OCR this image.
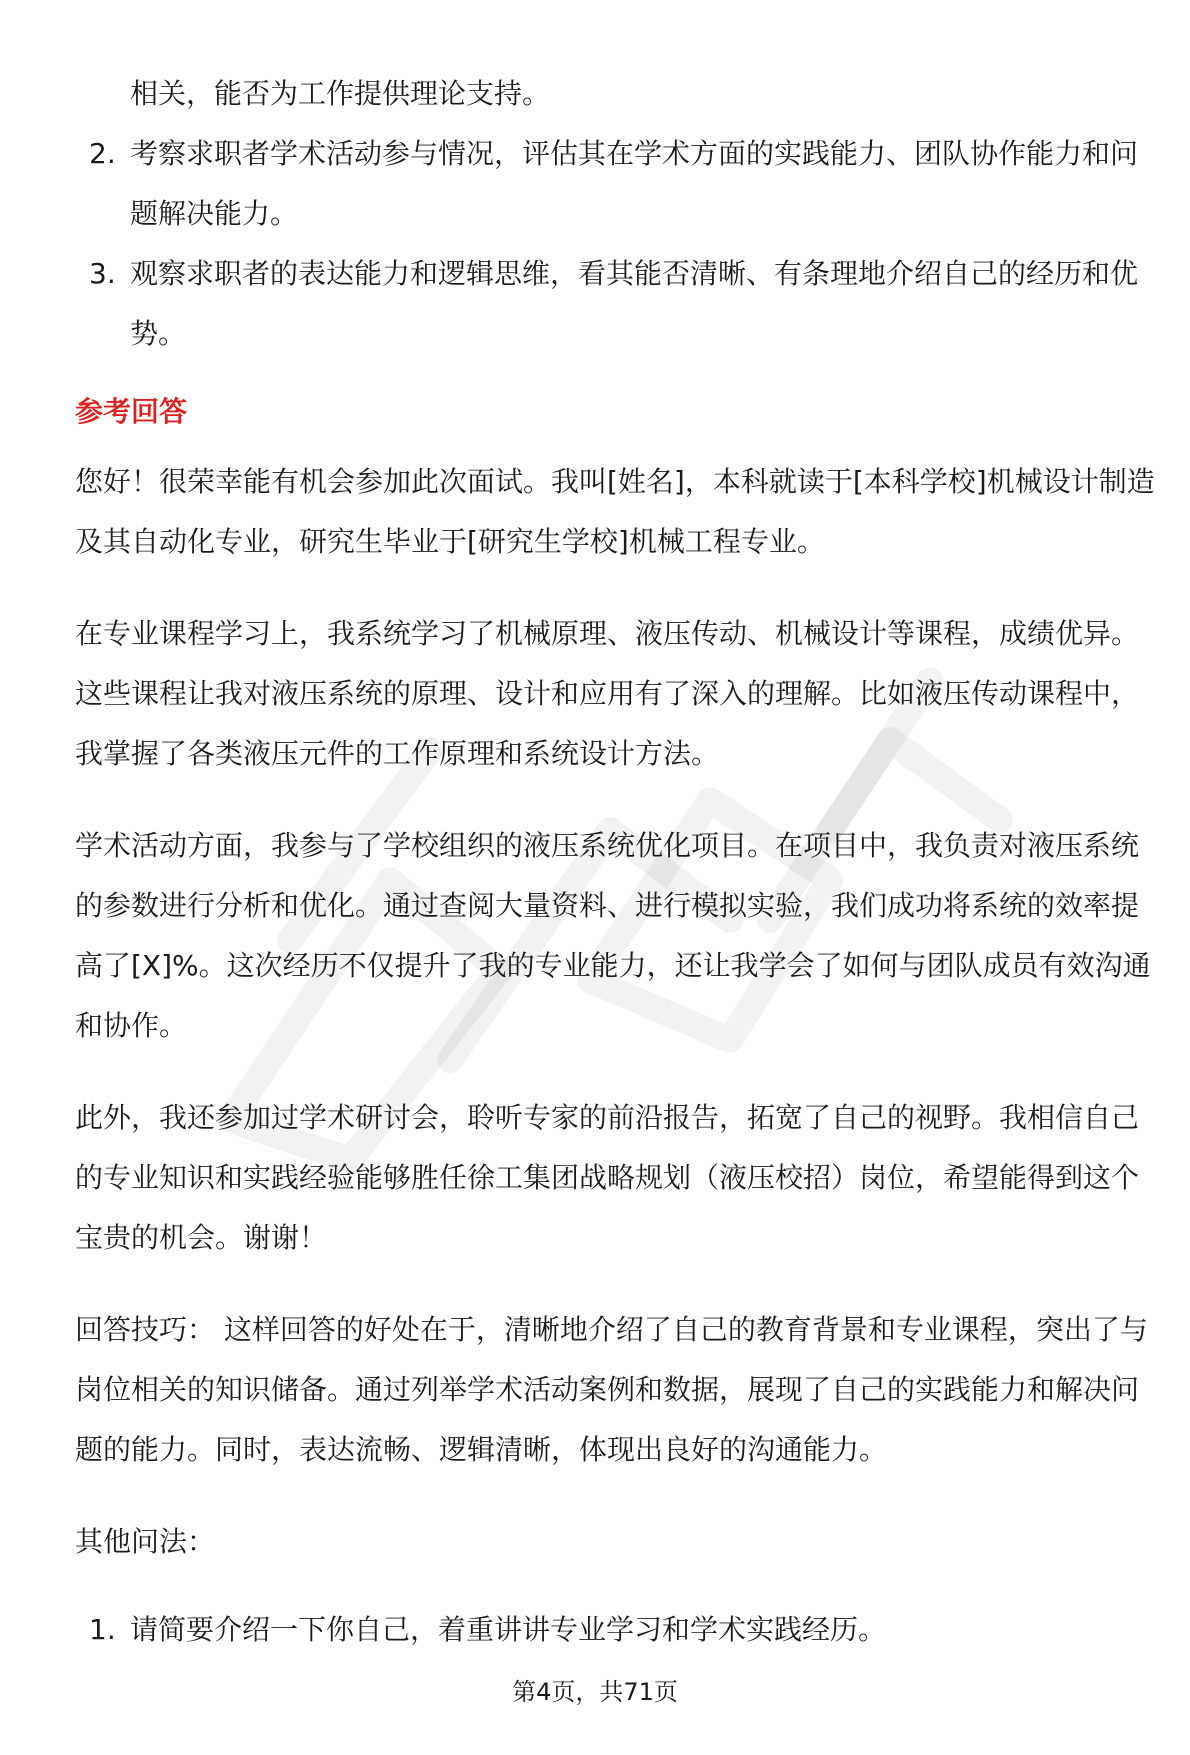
相关，能否为工作提供理论支持。
2. 考察求职者学术活动参与情况，评估其在学术方面的实践能力、团队协作能力和问题解决能力。
3. 观察求职者的表达能力和逻辑思维，看其能否清晰、有条理地介绍自己的经历和优势。
参考回答
您好！很荣幸能有机会参加此次面试。我叫[姓名]，本科就读于[本科学校]机械设计制造及其自动化专业，研究生毕业于[研究生学校]机械工程专业。
在专业课程学习上，我系统学习了机械原理、液压传动、机械设计等课程，成绩优异。这些课程让我对液压系统的原理、设计和应用有了深入的理解。比如液压传动课程中，我掌握了各类液压元件的工作原理和系统设计方法。
学术活动方面，我参与了学校组织的液压系统优化项目。在项目中，我负责对液压系统的参数进行分析和优化。通过查阅大量资料、进行模拟实验，我们成功将系统的效率提高了[X]%。这次经历不仅提升了我的专业能力，还让我学会了如何与团队成员有效沟通和协作。
此外，我还参加过学术研讨会，聆听专家的前沿报告，拓宽了自己的视野。我相信自己的专业知识和实践经验能够胜任徐工集团战略规划（液压校招）岗位，希望能得到这个宝贵的机会。谢谢！
回答技巧： 这样回答的好处在于，清晰地介绍了自己的教育背景和专业课程，突出了与岗位相关的知识储备。通过列举学术活动案例和数据，展现了自己的实践能力和解决问题的能力。同时，表达流畅、逻辑清晰，体现出良好的沟通能力。
其他问法：
1. 请简要介绍一下你自己，着重讲讲专业学习和学术实践经历。
第4页，共71页
